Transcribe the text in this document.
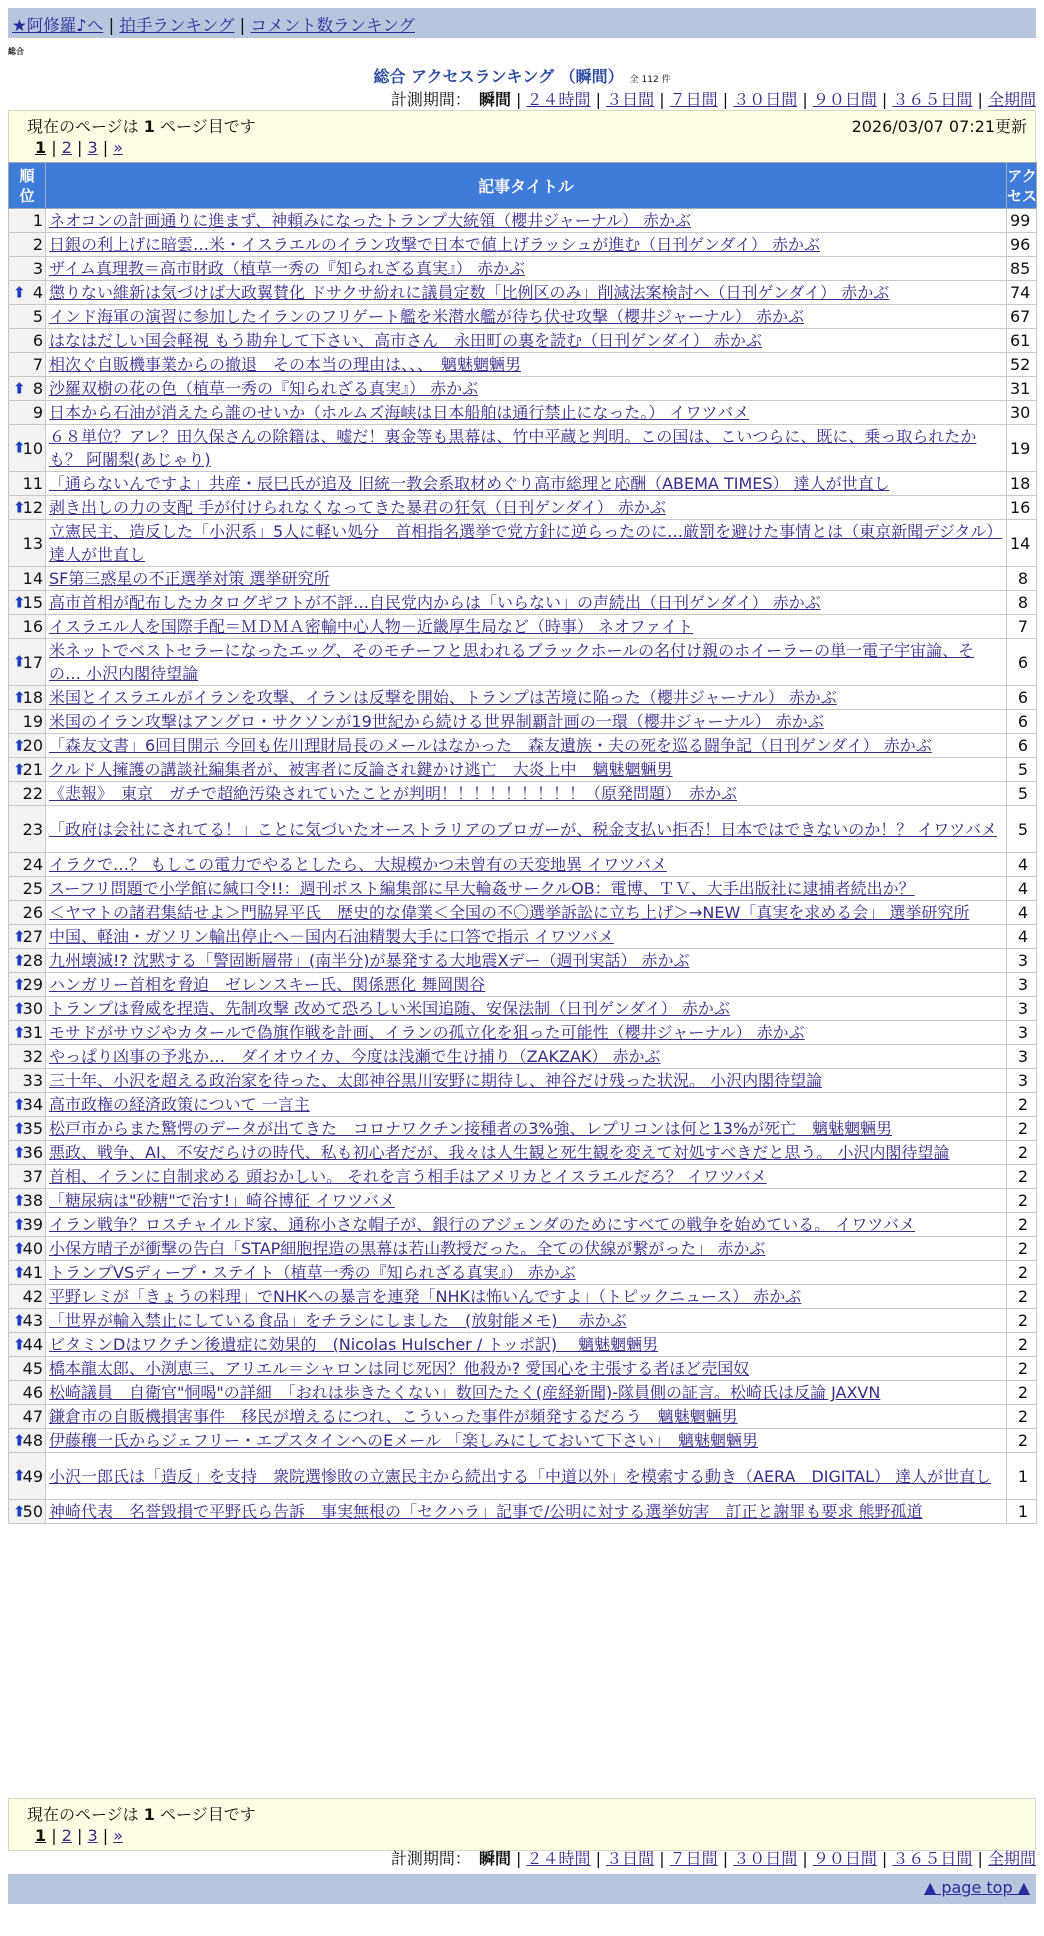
★阿修羅♪へ | 拍手ランキング | コメント数ランキング
総合
総合 アクセスランキング （瞬間） 全 112 件
計測期間： 瞬間 | ２４時間 | ３日間 | ７日間 | ３０日間 | ９０日間 | ３６５日間 | 全期間
現在のページは 1 ページ目です	2026/03/07 07:21更新
1 | 2 | 3 | »
順位	記事タイトル	アクセス

1	ネオコンの計画通りに進まず、神頼みになったトランプ大統領（櫻井ジャーナル） 赤かぶ	99
2	日銀の利上げに暗雲…米・イスラエルのイラン攻撃で日本で値上げラッシュが進む（日刊ゲンダイ） 赤かぶ	96
3	ザイム真理教＝高市財政（植草一秀の『知られざる真実』） 赤かぶ	85

⬆ 4	懲りない維新は気づけば大政翼賛化 ドサクサ紛れに議員定数「比例区のみ」削減法案検討へ（日刊ゲンダイ） 赤かぶ	74
5	インド海軍の演習に参加したイランのフリゲート艦を米潜水艦が待ち伏せ攻撃（櫻井ジャーナル） 赤かぶ	67
6	はなはだしい国会軽視 もう勘弁して下さい、高市さん　永田町の裏を読む（日刊ゲンダイ） 赤かぶ	61
7	相次ぐ自販機事業からの撤退　その本当の理由は、、、　魑魅魍魎男	52

⬆ 8	沙羅双樹の花の色（植草一秀の『知られざる真実』） 赤かぶ	31
9	日本から石油が消えたら誰のせいか（ホルムズ海峡は日本船舶は通行禁止になった。） イワツバメ	30

⬆
10	６８単位？アレ？田久保さんの除籍は、嘘だ！裏金等も黒幕は、竹中平蔵と判明。この国は、こいつらに、既に、乗っ取られたかも？ 阿闍梨(あじゃり)	19
11	「通らないんですよ」共産・辰巳氏が追及 旧統一教会系取材めぐり高市総理と応酬（ABEMA TIMES） 達人が世直し	18

⬆
12	剥き出しの力の支配 手が付けられなくなってきた暴君の狂気（日刊ゲンダイ） 赤かぶ	16
13	立憲民主、造反した「小沢系」5人に軽い処分　首相指名選挙で党方針に逆らったのに…厳罰を避けた事情とは（東京新聞デジタル） 達人が世直し	14
14	SF第三惑星の不正選挙対策 選挙研究所	8

⬆
15	高市首相が配布したカタログギフトが不評…自民党内からは「いらない」の声続出（日刊ゲンダイ） 赤かぶ	8
16	イスラエル人を国際手配＝ＭＤＭＡ密輸中心人物－近畿厚生局など（時事） ネオファイト	7

⬆
17	米ネットでベストセラーになったエッグ、そのモチーフと思われるブラックホールの名付け親のホイーラーの単一電子宇宙論、その… 小沢内閣待望論	6

⬆
18	米国とイスラエルがイランを攻撃、イランは反撃を開始、トランプは苦境に陥った（櫻井ジャーナル） 赤かぶ	6
19	米国のイラン攻撃はアングロ・サクソンが19世紀から続ける世界制覇計画の一環（櫻井ジャーナル） 赤かぶ	6

⬆
20	「森友文書」6回目開示 今回も佐川理財局長のメールはなかった　森友遺族・夫の死を巡る闘争記（日刊ゲンダイ） 赤かぶ	6

⬆
21	クルド人擁護の講談社編集者が、被害者に反論され鍵かけ逃亡　大炎上中　魑魅魍魎男	5
22	《悲報》　東京　ガチで超絶汚染されていたことが判明！！！！！！！！！（原発問題）　赤かぶ	5
23	「政府は会社にされてる！」ことに気づいたオーストラリアのブロガーが、税金支払い拒否！日本ではできないのか！？ イワツバメ	5
24	イラクで…？ もしこの電力でやるとしたら、大規模かつ未曾有の天変地異 イワツバメ	4
25	スーフリ問題で小学館に緘口令!!：週刊ポスト編集部に早大輪姦サークルOB：電博、ＴＶ、大手出版社に逮捕者続出か？	4
26	＜ヤマトの諸君集結せよ＞門脇昇平氏　歴史的な偉業＜全国の不〇選挙訴訟に立ち上げ＞→NEW「真実を求める会」 選挙研究所	4

⬆
27	中国、軽油・ガソリン輸出停止へ－国内石油精製大手に口答で指示 イワツバメ	4

⬆
28	九州壊滅!? 沈黙する「警固断層帯」(南半分)が暴発する大地震Xデー（週刊実話） 赤かぶ	3

⬆
29	ハンガリー首相を脅迫　ゼレンスキー氏、関係悪化 舞岡関谷	3

⬆
30	トランプは脅威を捏造、先制攻撃 改めて恐ろしい米国追随、安保法制（日刊ゲンダイ） 赤かぶ	3

⬆
31	モサドがサウジやカタールで偽旗作戦を計画、イランの孤立化を狙った可能性（櫻井ジャーナル） 赤かぶ	3
32	やっぱり凶事の予兆か…　ダイオウイカ、今度は浅瀬で生け捕り（ZAKZAK） 赤かぶ	3
33	三十年、小沢を超える政治家を待った、太郎神谷黒川安野に期待し、神谷だけ残った状況。 小沢内閣待望論	3

⬆
34	高市政権の経済政策について 一言主	2

⬆
35	松戸市からまた驚愕のデータが出てきた　コロナワクチン接種者の3%強、レプリコンは何と13%が死亡　魑魅魍魎男	2

⬆
36	悪政、戦争、AI、不安だらけの時代、私も初心者だが、我々は人生観と死生観を変えて対処すべきだと思う。 小沢内閣待望論	2
37	首相、イランに自制求める 頭おかしい。 それを言う相手はアメリカとイスラエルだろ？ イワツバメ	2

⬆
38	「糖尿病は"砂糖"で治す!」崎谷博征 イワツバメ	2

⬆
39	イラン戦争？ロスチャイルド家、通称小さな帽子が、銀行のアジェンダのためにすべての戦争を始めている。 イワツバメ	2

⬆
40	小保方晴子が衝撃の告白「STAP細胞捏造の黒幕は若山教授だった。全ての伏線が繋がった」 赤かぶ	2

⬆
41	トランプVSディープ・ステイト（植草一秀の『知られざる真実』） 赤かぶ	2
42	平野レミが「きょうの料理」でNHKへの暴言を連発「NHKは怖いんですよ」（トピックニュース） 赤かぶ	2

⬆
43	「世界が輸入禁止にしている食品」をチラシにしました　(放射能メモ)　 赤かぶ	2

⬆
44	ビタミンDはワクチン後遺症に効果的　(Nicolas Hulscher / トッポ訳)　 魑魅魍魎男	2
45	橋本龍太郎、小渕恵三、アリエル＝シャロンは同じ死因？他殺か? 愛国心を主張する者ほど売国奴	2
46	松崎議員　自衛官"恫喝"の詳細　「おれは歩きたくない」数回たたく(産経新聞)-隊員側の証言。松崎氏は反論 JAXVN	2
47	鎌倉市の自販機損害事件　移民が増えるにつれ、こういった事件が頻発するだろう　魑魅魍魎男	2

⬆
48	伊藤穰一氏からジェフリー・エプスタインへのEメール 「楽しみにしておいて下さい」　魑魅魍魎男	2

⬆
49	小沢一郎氏は「造反」を支持　衆院選惨敗の立憲民主から続出する「中道以外」を模索する動き（AERA　DIGITAL） 達人が世直し	1

⬆
50	神崎代表　名誉毀損で平野氏ら告訴　事実無根の「セクハラ」記事で/公明に対する選挙妨害　訂正と謝罪も要求 熊野孤道	1
現在のページは 1 ページ目です
1 | 2 | 3 | »
計測期間： 瞬間 | ２４時間 | ３日間 | ７日間 | ３０日間 | ９０日間 | ３６５日間 | 全期間
▲ page top ▲
